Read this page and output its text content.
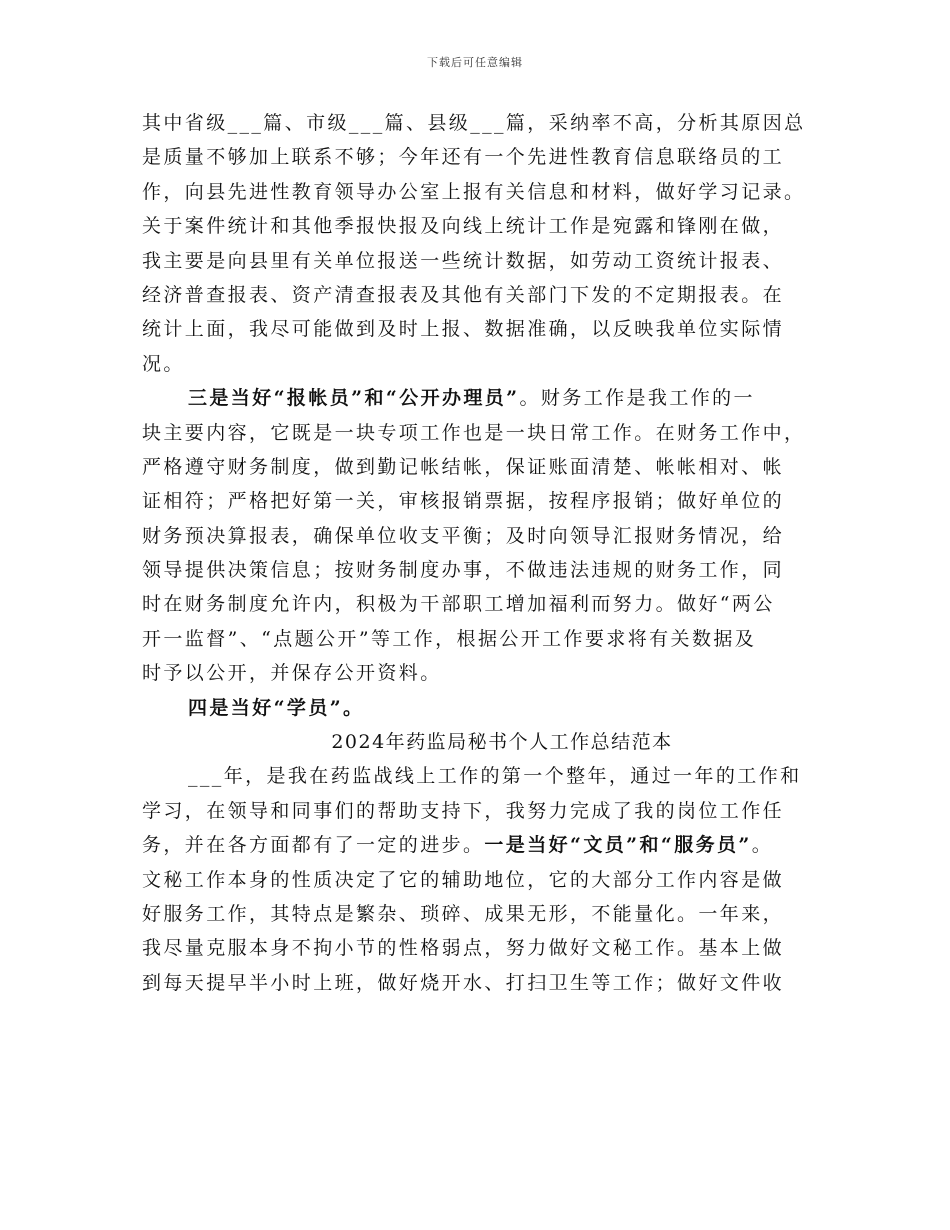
下载后可任意编辑
其中省级___篇、市级___篇、县级___篇，采纳率不高，分析其原因总
是质量不够加上联系不够；今年还有一个先进性教育信息联络员的工
作，向县先进性教育领导办公室上报有关信息和材料，做好学习记录。
关于案件统计和其他季报快报及向线上统计工作是宛露和锋刚在做，
我主要是向县里有关单位报送一些统计数据，如劳动工资统计报表、
经济普查报表、资产清查报表及其他有关部门下发的不定期报表。在
统计上面，我尽可能做到及时上报、数据准确，以反映我单位实际情
况。
三是当好“报帐员”和“公开办理员”。财务工作是我工作的一
块主要内容，它既是一块专项工作也是一块日常工作。在财务工作中，
严格遵守财务制度，做到勤记帐结帐，保证账面清楚、帐帐相对、帐
证相符；严格把好第一关，审核报销票据，按程序报销；做好单位的
财务预决算报表，确保单位收支平衡；及时向领导汇报财务情况，给
领导提供决策信息；按财务制度办事，不做违法违规的财务工作，同
时在财务制度允许内，积极为干部职工增加福利而努力。做好“两公
开一监督”、“点题公开”等工作，根据公开工作要求将有关数据及
时予以公开，并保存公开资料。
四是当好“学员”。
2024年药监局秘书个人工作总结范本
___年，是我在药监战线上工作的第一个整年，通过一年的工作和
学习，在领导和同事们的帮助支持下，我努力完成了我的岗位工作任
务，并在各方面都有了一定的进步。一是当好“文员”和“服务员”。
文秘工作本身的性质决定了它的辅助地位，它的大部分工作内容是做
好服务工作，其特点是繁杂、琐碎、成果无形，不能量化。一年来，
我尽量克服本身不拘小节的性格弱点，努力做好文秘工作。基本上做
到每天提早半小时上班，做好烧开水、打扫卫生等工作；做好文件收
